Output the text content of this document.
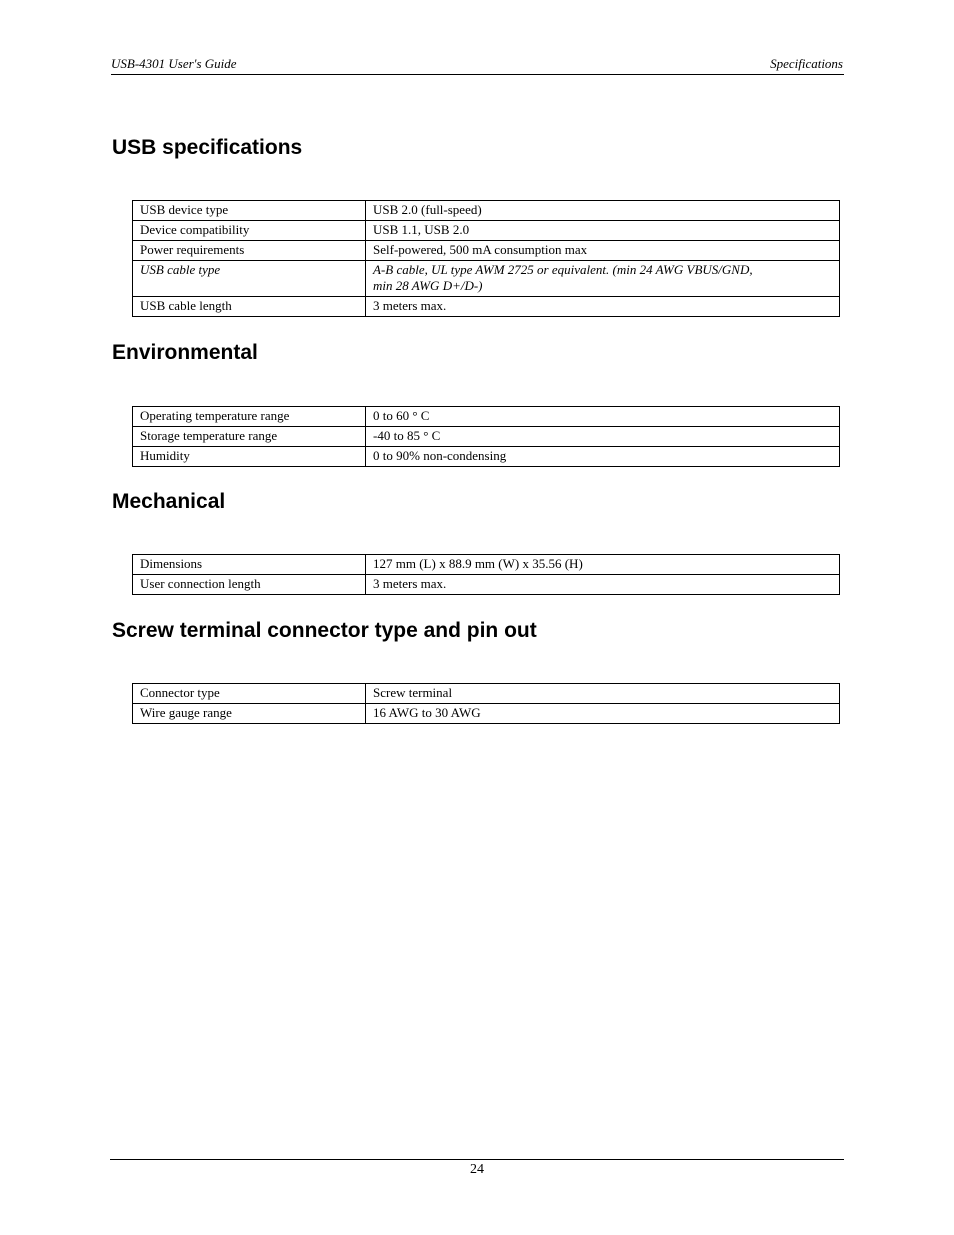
USB-4301 User's Guide	Specifications
USB specifications
USB device type	USB 2.0 (full-speed)
Device compatibility	USB 1.1, USB 2.0
Power requirements	Self-powered, 500 mA consumption max
USB cable type	A-B cable, UL type AWM 2725 or equivalent. (min 24 AWG VBUS/GND,
min 28 AWG D+/D-)
USB cable length	3 meters max.
Environmental
Operating temperature range	0 to 60 ° C
Storage temperature range	-40 to 85 ° C
Humidity	0 to 90% non-condensing
Mechanical
Dimensions	127 mm (L) x 88.9 mm (W) x 35.56 (H)
User connection length	3 meters max.
Screw terminal connector type and pin out
Connector type	Screw terminal
Wire gauge range	16 AWG to 30 AWG
24
